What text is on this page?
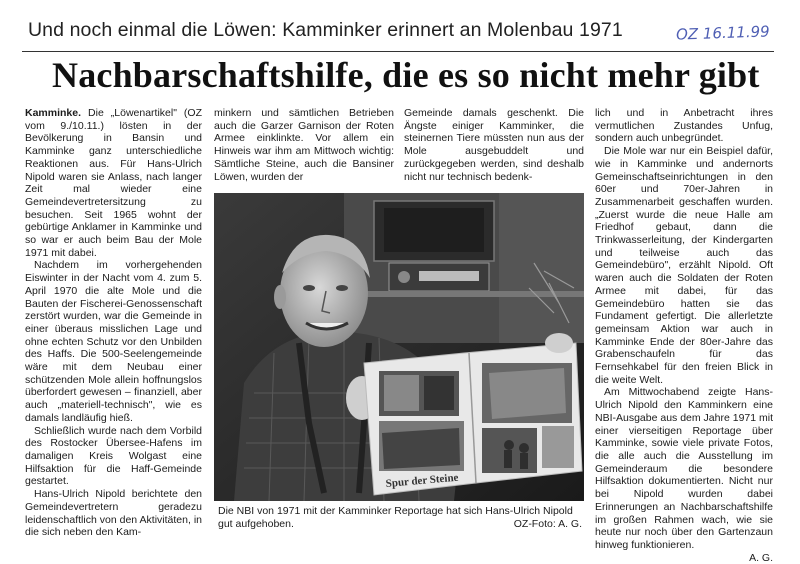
Und noch einmal die Löwen: Kamminker erinnert an Molenbau 1971	OZ 16.11.99
Nachbarschaftshilfe, die es so nicht mehr gibt

Kamminke. Die „Löwenartikel" (OZ vom 9./10.11.) lösten in der Bevölkerung in Bansin und Kamminke ganz unterschiedliche Reaktionen aus. Für Hans-Ulrich Nipold waren sie Anlass, nach langer Zeit mal wieder eine Gemeindevertretersitzung zu besuchen. Seit 1965 wohnt der gebürtige Anklamer in Kamminke und so war er auch beim Bau der Mole 1971 mit dabei.

Nachdem im vorhergehenden Eiswinter in der Nacht vom 4. zum 5. April 1970 die alte Mole und die Bauten der Fischerei-Genossenschaft zerstört wurden, war die Gemeinde in einer überaus misslichen Lage und ohne echten Schutz vor den Unbilden des Haffs. Die 500-Seelengemeinde wäre mit dem Neubau einer schützenden Mole allein hoffnungslos überfordert gewesen – finanziell, aber auch „materiell-technisch", wie es damals landläufig hieß.

Schließlich wurde nach dem Vorbild des Rostocker Übersee-Hafens im damaligen Kreis Wolgast eine Hilfsaktion für die Haff-Gemeinde gestartet.

Hans-Ulrich Nipold berichtete den Gemeindevertretern geradezu leidenschaftlich von den Aktivitäten, in die sich neben den Kam-

minkern und sämtlichen Betrieben auch die Garzer Garnison der Roten Armee einklinkte. Vor allem ein Hinweis war ihm am Mittwoch wichtig: Sämtliche Steine, auch die Bansiner Löwen, wurden der

Gemeinde damals geschenkt. Die Ängste einiger Kamminker, die steinernen Tiere müssten nun aus der Mole ausgebuddelt und zurückgegeben werden, sind deshalb nicht nur technisch bedenk-

lich und in Anbetracht ihres vermutlichen Zustandes Unfug, sondern auch unbegründet.

Die Mole war nur ein Beispiel dafür, wie in Kamminke und andernorts Gemeinschaftseinrichtungen in den 60er und 70er-Jahren in Zusammenarbeit geschaffen wurden. „Zuerst wurde die neue Halle am Friedhof gebaut, dann die Trinkwasserleitung, der Kindergarten und teilweise auch das Gemeindebüro", erzählt Nipold. Oft waren auch die Soldaten der Roten Armee mit dabei, für das Gemeindebüro hatten sie das Fundament gefertigt. Die allerletzte gemeinsam Aktion war auch in Kamminke Ende der 80er-Jahre das Grabenschaufeln für das Fernsehkabel für den freien Blick in die weite Welt.

Am Mittwochabend zeigte Hans-Ulrich Nipold den Kamminkern eine NBI-Ausgabe aus dem Jahre 1971 mit einer vierseitigen Reportage über Kamminke, sowie viele private Fotos, die alle auch die Ausstellung im Gemeinderaum die besondere Hilfsaktion dokumentierten. Nicht nur bei Nipold wurden dabei Erinnerungen an Nachbarschaftshilfe im großen Rahmen wach, wie sie heute nur noch über den Gartenzaun hinweg funktionieren.

A. G.

Spur der Steine
Die NBI von 1971 mit der Kamminker Reportage hat sich Hans-Ulrich Nipold gut aufgehoben.	OZ-Foto: A. G.
